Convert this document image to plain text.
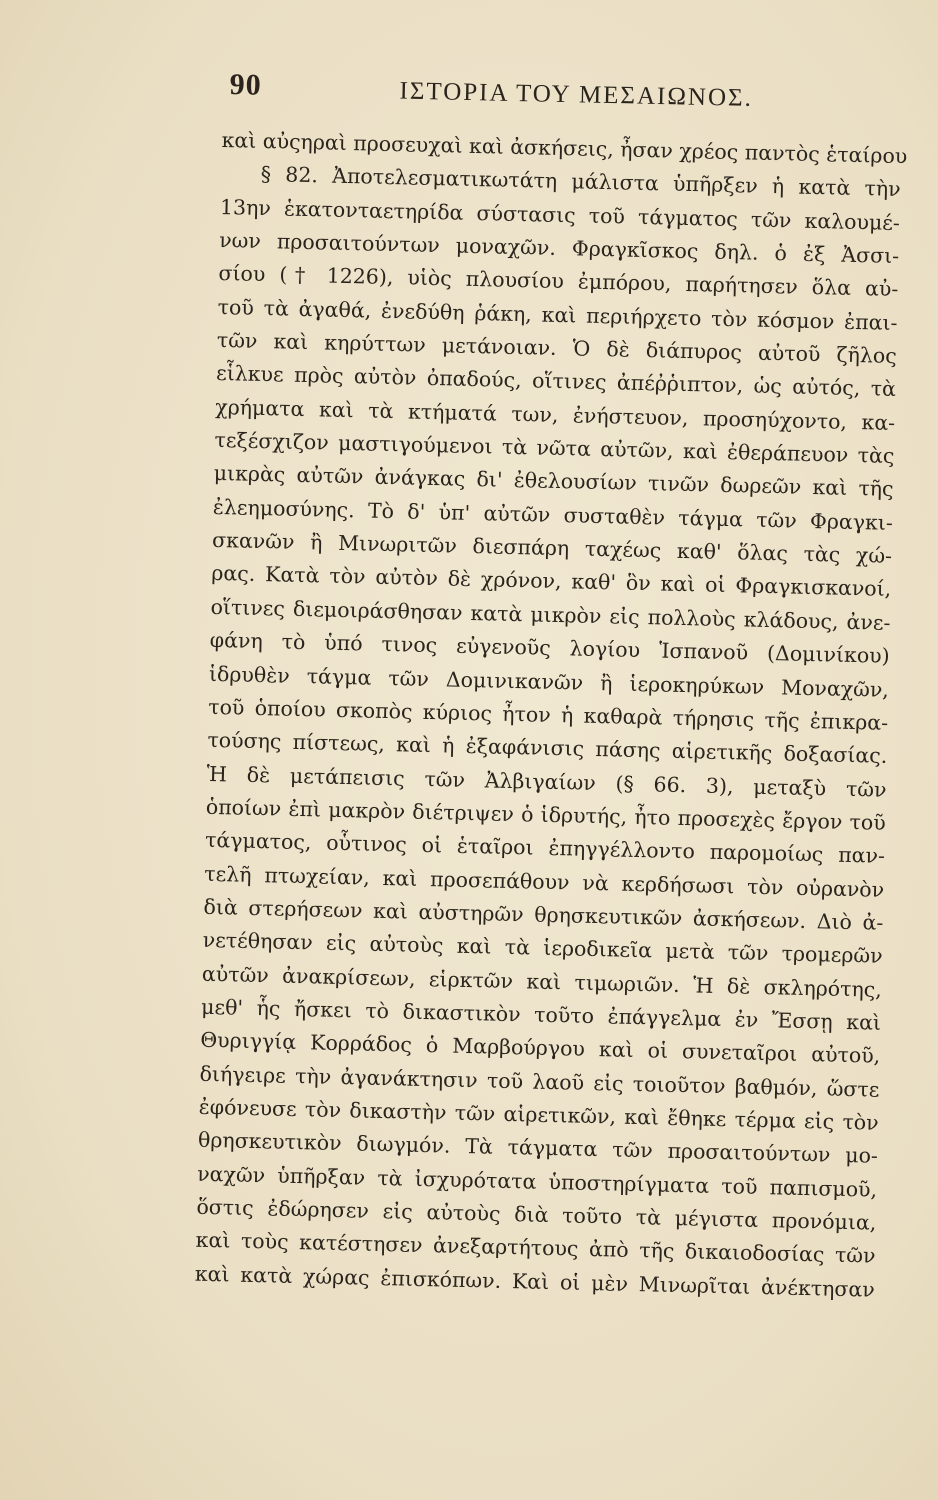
90	ΙΣΤΟΡΙΑ ΤΟΥ ΜΕΣΑΙΩΝΟΣ.
καὶ αὐςηραὶ προσευχαὶ καὶ ἀσκήσεις, ἦσαν χρέος παντὸς ἑταίρου
§ 82. Ἀποτελεσματικωτάτη μάλιστα ὑπῆρξεν ἡ κατὰ τὴν
13ην ἑκατονταετηρίδα σύστασις τοῦ τάγματος τῶν καλουμέ-
νων προσαιτούντων μοναχῶν. Φραγκῖσκος δηλ. ὁ ἐξ Ἀσσι-
σίου († 1226), υἱὸς πλουσίου ἐμπόρου, παρήτησεν ὅλα αὐ-
τοῦ τὰ ἀγαθά, ἐνεδύθη ῥάκη, καὶ περιήρχετο τὸν κόσμον ἐπαι-
τῶν καὶ κηρύττων μετάνοιαν. Ὁ δὲ διάπυρος αὐτοῦ ζῆλος
εἷλκυε πρὸς αὐτὸν ὀπαδούς, οἵτινες ἀπέῤῥιπτον, ὡς αὐτός, τὰ
χρήματα καὶ τὰ κτήματά των, ἐνήστευον, προσηύχοντο, κα-
τεξέσχιζον μαστιγούμενοι τὰ νῶτα αὐτῶν, καὶ ἐθεράπευον τὰς
μικρὰς αὐτῶν ἀνάγκας δι' ἐθελουσίων τινῶν δωρεῶν καὶ τῆς
ἐλεημοσύνης. Τὸ δ' ὑπ' αὐτῶν συσταθὲν τάγμα τῶν Φραγκι-
σκανῶν ἢ Μινωριτῶν διεσπάρη ταχέως καθ' ὅλας τὰς χώ-
ρας. Κατὰ τὸν αὐτὸν δὲ χρόνον, καθ' ὃν καὶ οἱ Φραγκισκανοί,
οἵτινες διεμοιράσθησαν κατὰ μικρὸν εἰς πολλοὺς κλάδους, ἀνε-
φάνη τὸ ὑπό τινος εὐγενοῦς λογίου Ἱσπανοῦ (Δομινίκου)
ἱδρυθὲν τάγμα τῶν Δομινικανῶν ἢ ἱεροκηρύκων Μοναχῶν,
τοῦ ὁποίου σκοπὸς κύριος ἦτον ἡ καθαρὰ τήρησις τῆς ἐπικρα-
τούσης πίστεως, καὶ ἡ ἐξαφάνισις πάσης αἱρετικῆς δοξασίας.
Ἡ δὲ μετάπεισις τῶν Ἀλβιγαίων (§ 66. 3), μεταξὺ τῶν
ὁποίων ἐπὶ μακρὸν διέτριψεν ὁ ἱδρυτής, ἦτο προσεχὲς ἔργον τοῦ
τάγματος, οὗτινος οἱ ἑταῖροι ἐπηγγέλλοντο παρομοίως παν-
τελῆ πτωχείαν, καὶ προσεπάθουν νὰ κερδήσωσι τὸν οὐρανὸν
διὰ στερήσεων καὶ αὐστηρῶν θρησκευτικῶν ἀσκήσεων. Διὸ ἀ-
νετέθησαν εἰς αὐτοὺς καὶ τὰ ἱεροδικεῖα μετὰ τῶν τρομερῶν
αὐτῶν ἀνακρίσεων, εἱρκτῶν καὶ τιμωριῶν. Ἡ δὲ σκληρότης,
μεθ' ἧς ἤσκει τὸ δικαστικὸν τοῦτο ἐπάγγελμα ἐν Ἔσσῃ καὶ
Θυριγγίᾳ Κορράδος ὁ Μαρβούργου καὶ οἱ συνεταῖροι αὐτοῦ,
διήγειρε τὴν ἀγανάκτησιν τοῦ λαοῦ εἰς τοιοῦτον βαθμόν, ὥστε
ἐφόνευσε τὸν δικαστὴν τῶν αἱρετικῶν, καὶ ἔθηκε τέρμα εἰς τὸν
θρησκευτικὸν διωγμόν. Τὰ τάγματα τῶν προσαιτούντων μο-
ναχῶν ὑπῆρξαν τὰ ἰσχυρότατα ὑποστηρίγματα τοῦ παπισμοῦ,
ὅστις ἐδώρησεν εἰς αὐτοὺς διὰ τοῦτο τὰ μέγιστα προνόμια,
καὶ τοὺς κατέστησεν ἀνεξαρτήτους ἀπὸ τῆς δικαιοδοσίας τῶν
καὶ κατὰ χώρας ἐπισκόπων. Καὶ οἱ μὲν Μινωρῖται ἀνέκτησαν
